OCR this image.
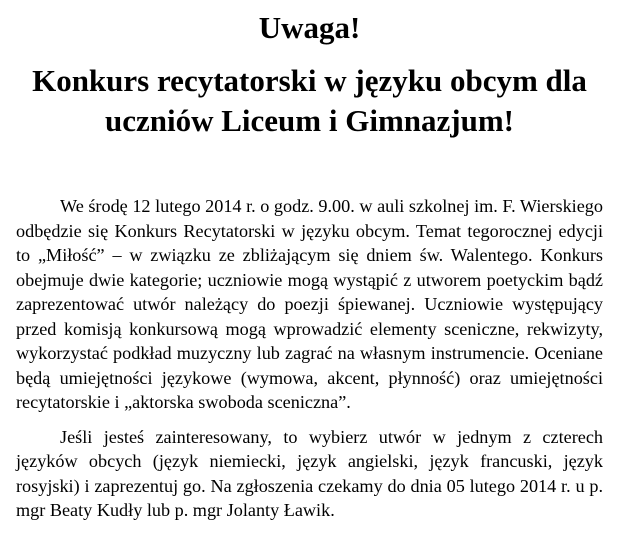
Uwaga!
Konkurs recytatorski w języku obcym dla
uczniów Liceum i Gimnazjum!

We środę 12 lutego 2014 r. o godz. 9.00. w auli szkolnej im. F. Wierskiego odbędzie się Konkurs Recytatorski w języku obcym. Temat tegorocznej edycji to „Miłość” – w związku ze zbliżającym się dniem św. Walentego. Konkurs obejmuje dwie kategorie; uczniowie mogą wystąpić z utworem poetyckim bądź zaprezentować utwór należący do poezji śpiewanej. Uczniowie występujący przed komisją konkursową mogą wprowadzić elementy sceniczne, rekwizyty, wykorzystać podkład muzyczny lub zagrać na własnym instrumencie. Oceniane będą umiejętności językowe (wymowa, akcent, płynność) oraz umiejętności recytatorskie i „aktorska swoboda sceniczna”.

Jeśli jesteś zainteresowany, to wybierz utwór w jednym z czterech języków obcych (język niemiecki, język angielski, język francuski, język rosyjski) i zaprezentuj go. Na zgłoszenia czekamy do dnia 05 lutego 2014 r. u p. mgr Beaty Kudły lub p. mgr Jolanty Ławik.
